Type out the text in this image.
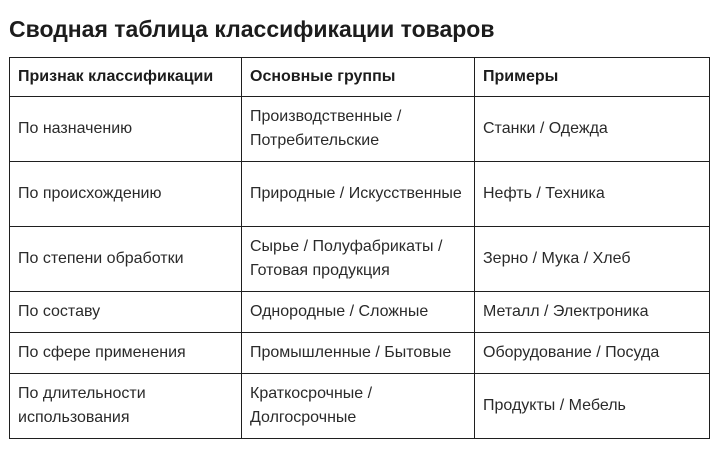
Сводная таблица классификации товаров
Признак классификации	Основные группы	Примеры
По назначению	Производственные / Потребительские	Станки / Одежда
По происхождению	Природные / Искусственные	Нефть / Техника
По степени обработки	Сырье / Полуфабрикаты / Готовая продукция	Зерно / Мука / Хлеб
По составу	Однородные / Сложные	Металл / Электроника
По сфере применения	Промышленные / Бытовые	Оборудование / Посуда
По длительности использования	Краткосрочные / Долгосрочные	Продукты / Мебель
